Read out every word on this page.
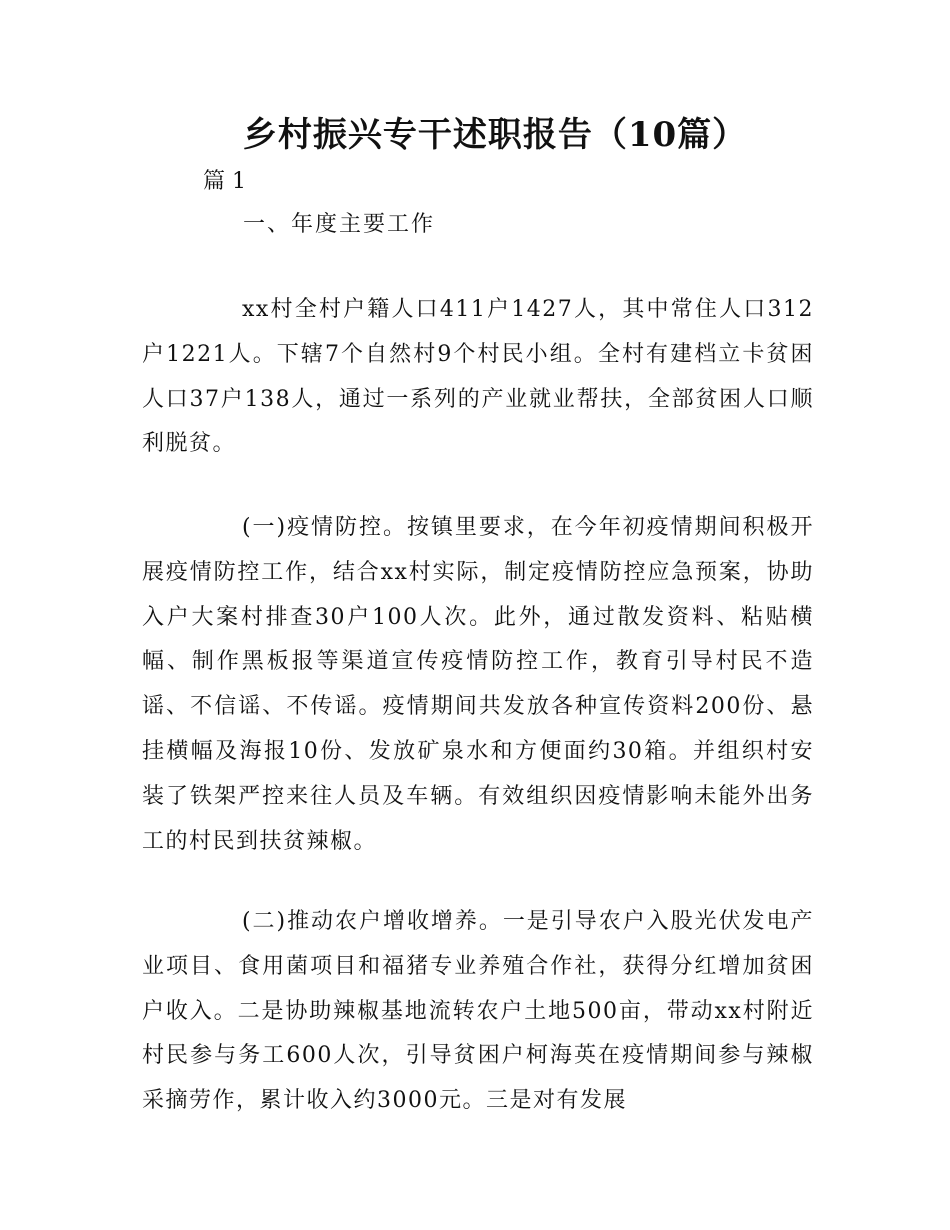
乡村振兴专干述职报告（10篇）

篇 1

一、年度主要工作

xx村全村户籍人口411户1427人，其中常住人口312户1221人。下辖7个自然村9个村民小组。全村有建档立卡贫困人口37户138人，通过一系列的产业就业帮扶，全部贫困人口顺利脱贫。

(一)疫情防控。按镇里要求，在今年初疫情期间积极开展疫情防控工作，结合xx村实际，制定疫情防控应急预案，协助入户大案村排查30户100人次。此外，通过散发资料、粘贴横幅、制作黑板报等渠道宣传疫情防控工作，教育引导村民不造谣、不信谣、不传谣。疫情期间共发放各种宣传资料200份、悬挂横幅及海报10份、发放矿泉水和方便面约30箱。并组织村安装了铁架严控来往人员及车辆。有效组织因疫情影响未能外出务工的村民到扶贫辣椒。

(二)推动农户增收增养。一是引导农户入股光伏发电产业项目、食用菌项目和福猪专业养殖合作社，获得分红增加贫困户收入。二是协助辣椒基地流转农户土地500亩，带动xx村附近村民参与务工600人次，引导贫困户柯海英在疫情期间参与辣椒采摘劳作，累计收入约3000元。三是对有发展
